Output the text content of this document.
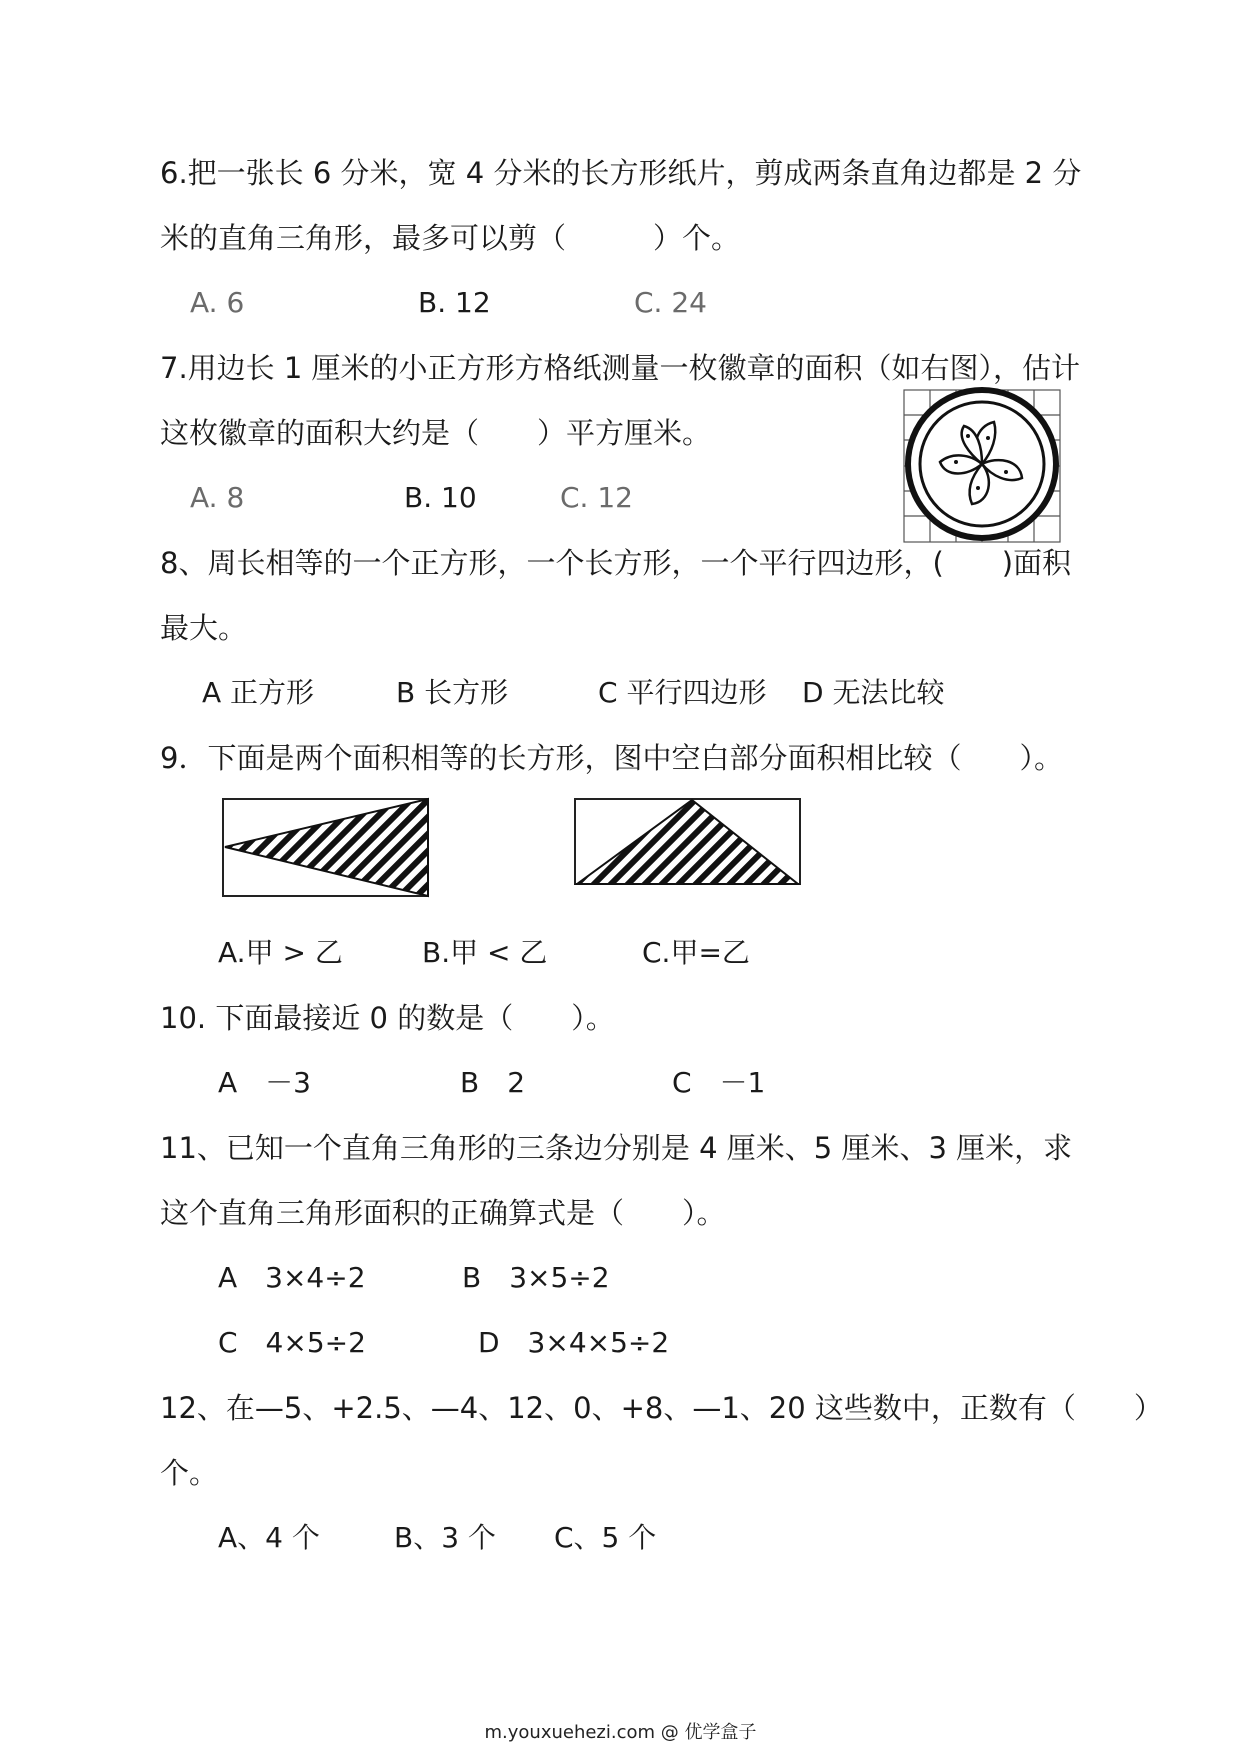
6.把一张长 6 分米，宽 4 分米的长方形纸片，剪成两条直角边都是 2 分
米的直角三角形，最多可以剪（　　　）个。
A. 6	B. 12	C. 24
7.用边长 1 厘米的小正方形方格纸测量一枚徽章的面积（如右图），估计
这枚徽章的面积大约是（　　）平方厘米。
A. 8	B. 10	C. 12
8、周长相等的一个正方形，一个长方形，一个平行四边形，(　　)面积
最大。
A 正方形	B 长方形	C 平行四边形 D 无法比较
9．下面是两个面积相等的长方形，图中空白部分面积相比较（　　）。
A.甲 > 乙	B.甲 < 乙	C.甲=乙
10. 下面最接近 0 的数是（　　）。
A　－3	B　2	C　－1
11、已知一个直角三角形的三条边分别是 4 厘米、5 厘米、3 厘米，求
这个直角三角形面积的正确算式是（　　）。
A　3×4÷2	B　3×5÷2
C　4×5÷2	D　3×4×5÷2
12、在—5、+2.5、—4、12、0、+8、—1、20 这些数中，正数有（　　）
个。
A、4 个	B、3 个 C、5 个
m.youxuehezi.com @ 优学盒子
